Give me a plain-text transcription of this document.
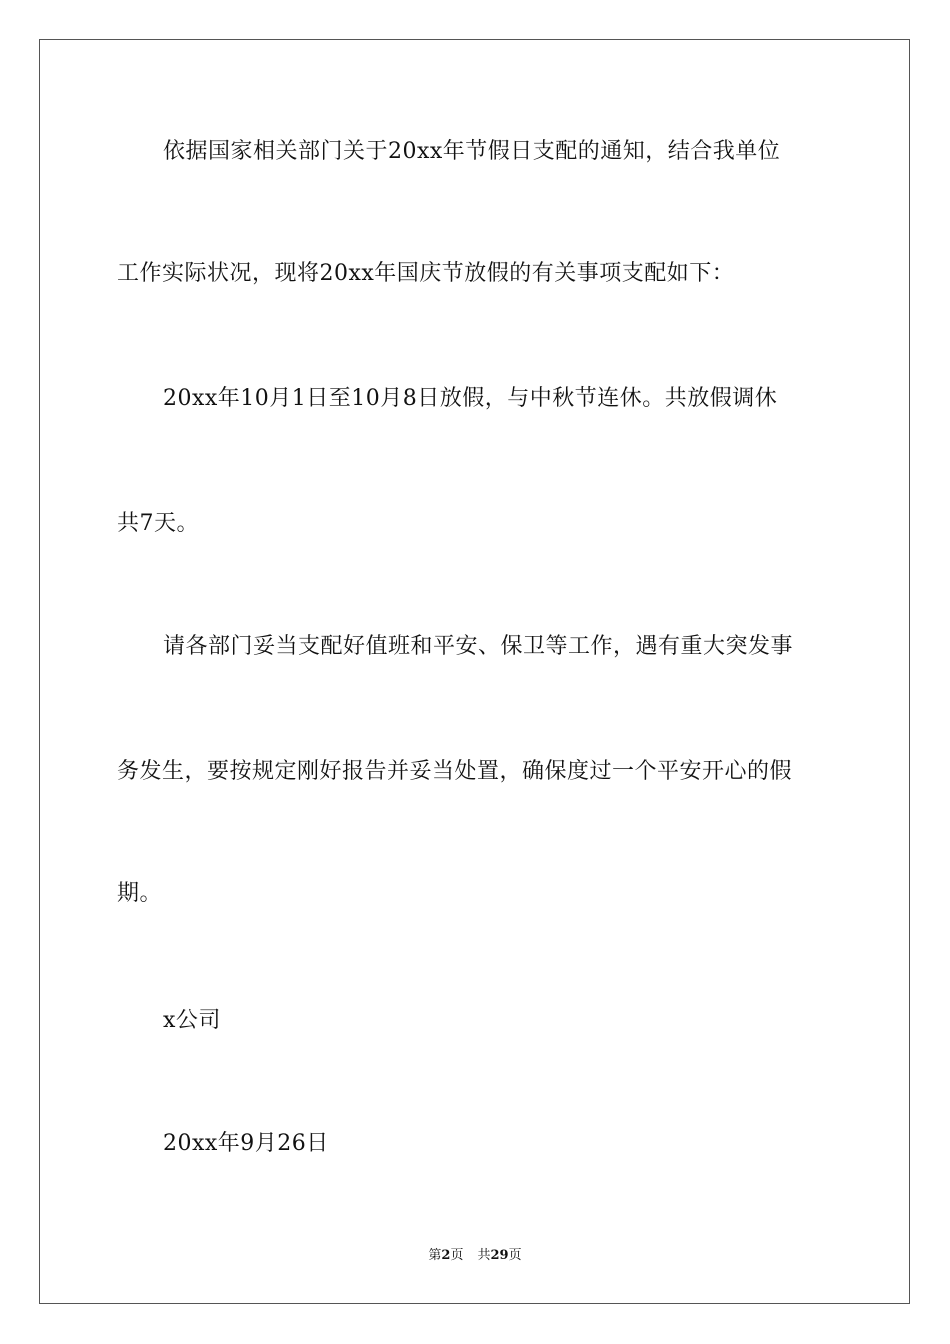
依据国家相关部门关于20xx年节假日支配的通知，结合我单位
工作实际状况，现将20xx年国庆节放假的有关事项支配如下：
20xx年10月1日至10月8日放假，与中秋节连休。共放假调休
共7天。
请各部门妥当支配好值班和平安、保卫等工作，遇有重大突发事
务发生，要按规定刚好报告并妥当处置，确保度过一个平安开心的假
期。
x公司
20xx年9月26日
第2页 共29页
